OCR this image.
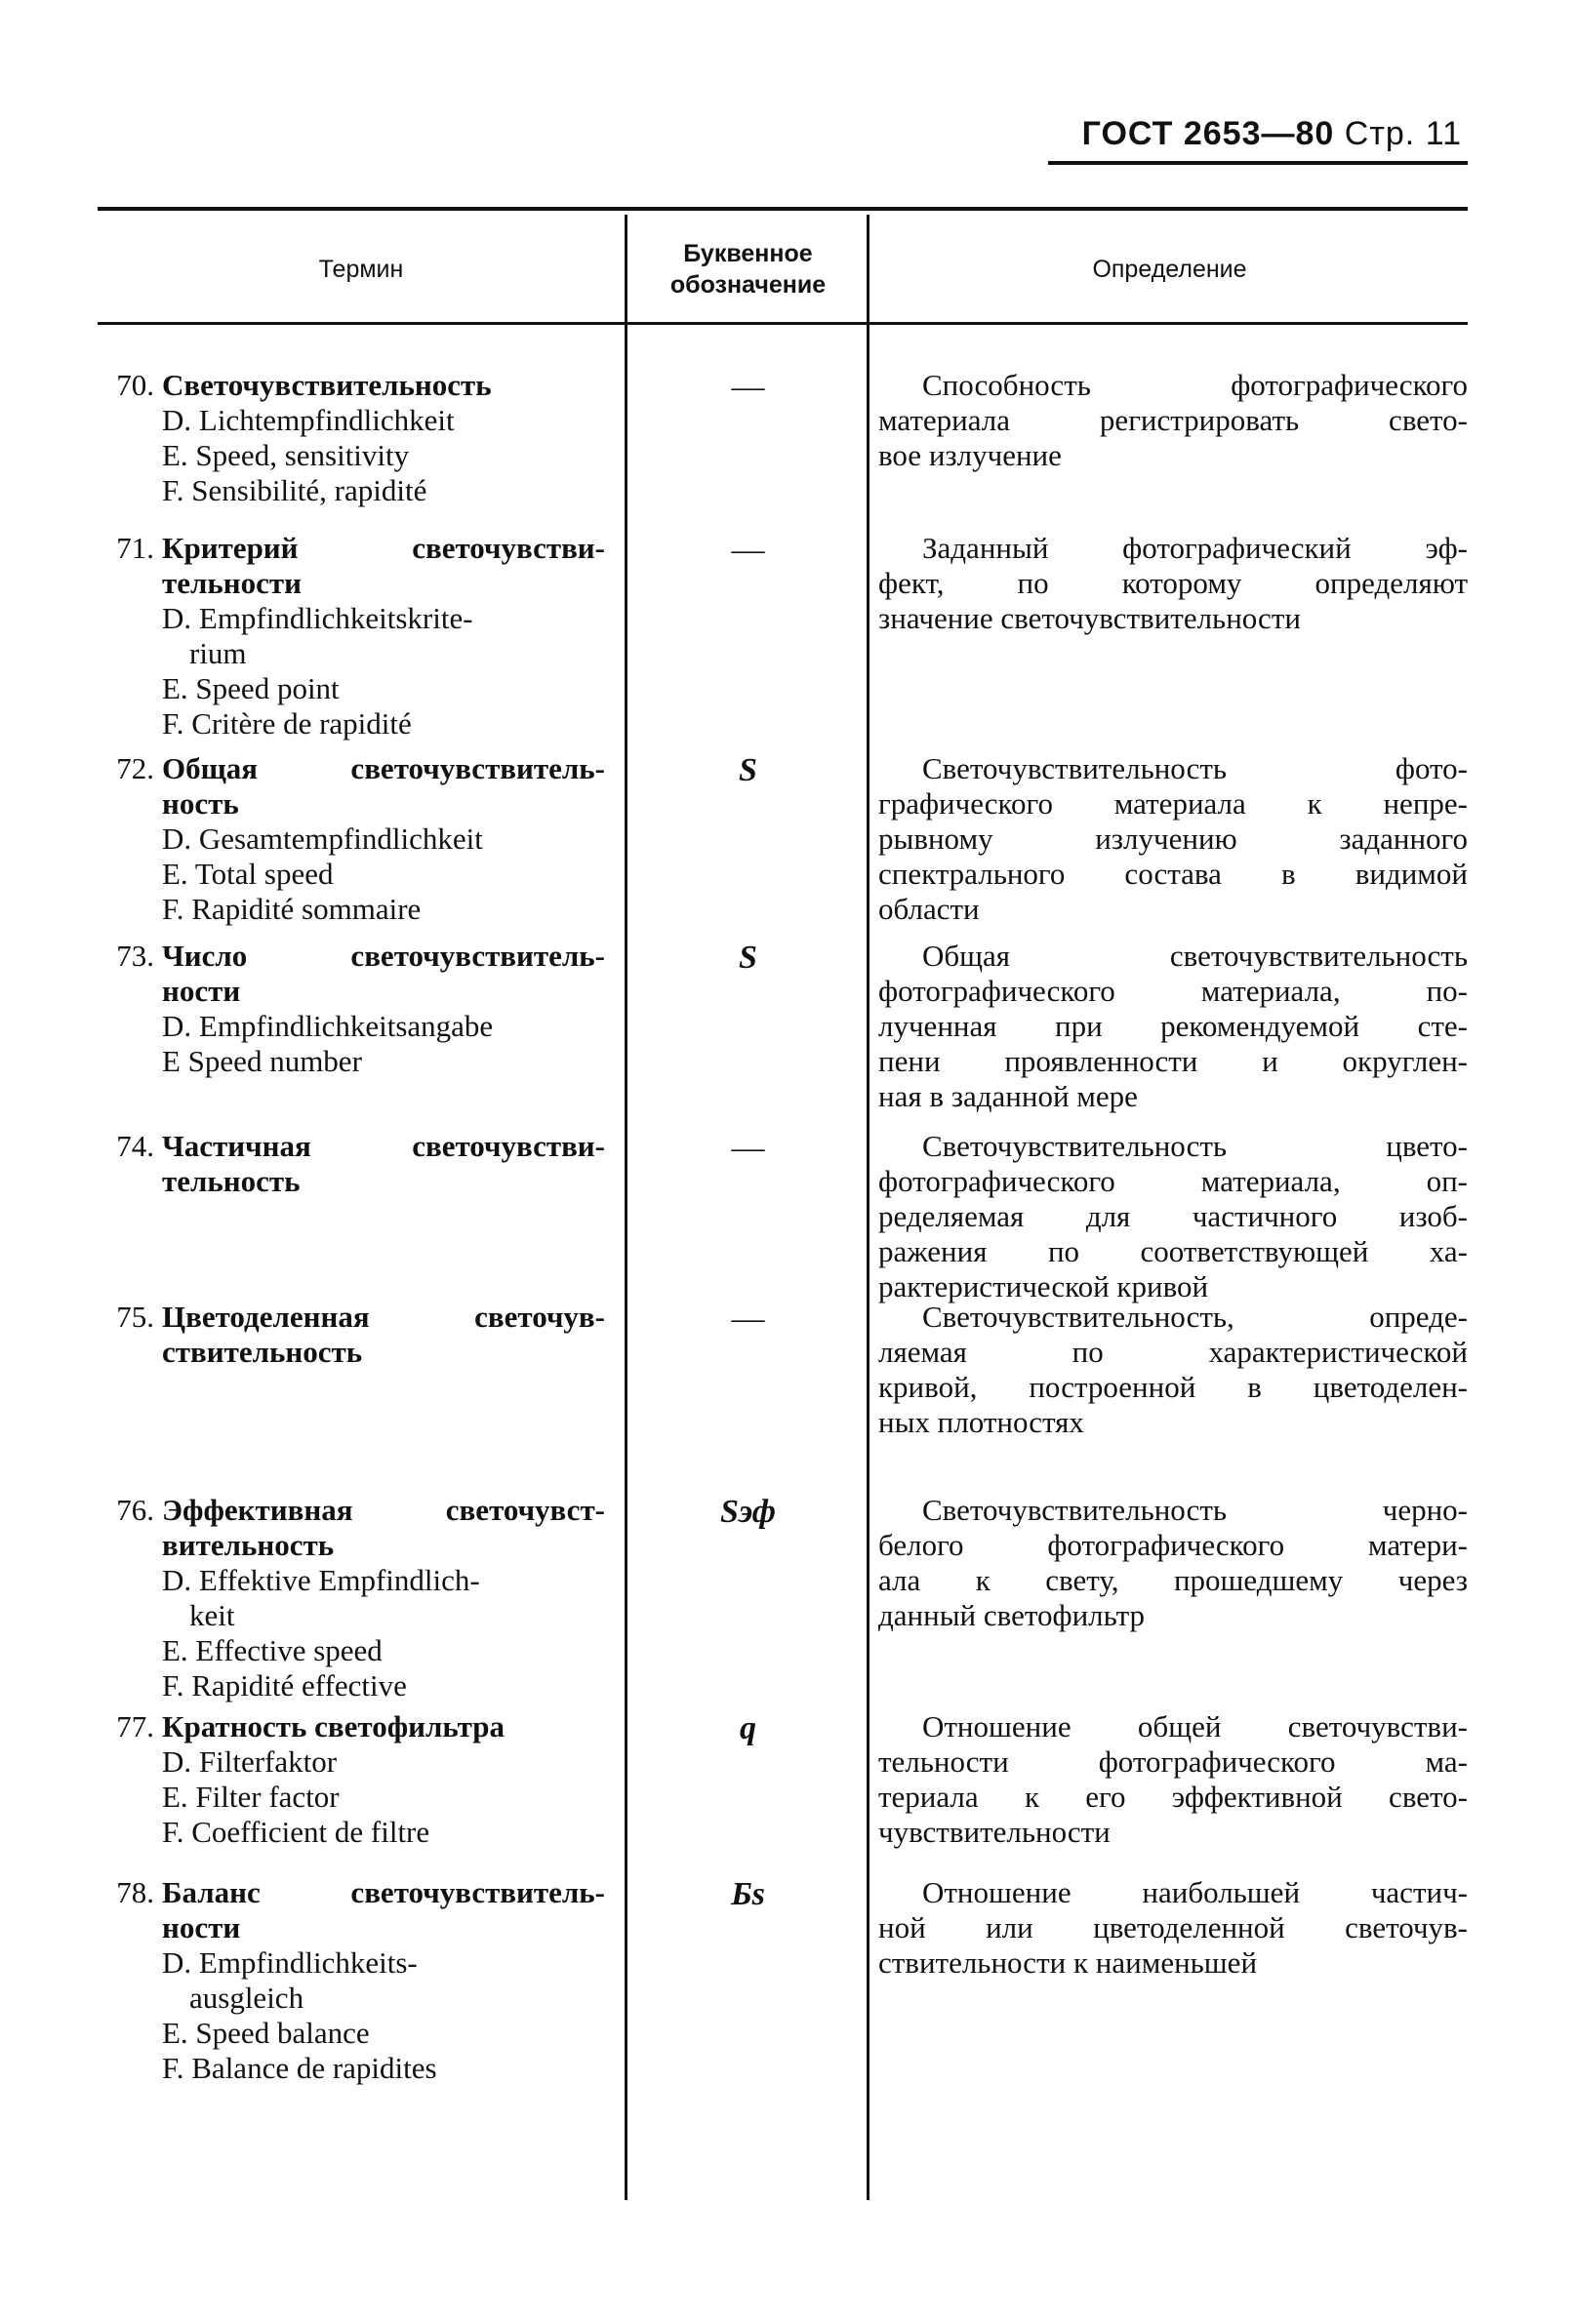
ГОСТ 2653—80 Стр. 11
Термин
Буквенное
обозначение
Определение
70. Светочувствительность
D. Lichtempfindlichkeit
E. Speed, sensitivity
F. Sensibilité, rapidité
—	Способность фотографического
материала регистрировать свето-
вое излучение
71. Критерий светочувстви-
тельности
D. Empfindlichkeitskrite-
rium
E. Speed point
F. Critère de rapidité
—	Заданный фотографический эф-
фект, по которому определяют
значение светочувствительности
72. Общая светочувствитель-
ность
D. Gesamtempfindlichkeit
E. Total speed
F. Rapidité sommaire
S	Светочувствительность фото-
графического материала к непре-
рывному излучению заданного
спектрального состава в видимой
области
73. Число светочувствитель-
ности
D. Empfindlichkeitsangabe
E Speed number
S	Общая светочувствительность
фотографического материала, по-
лученная при рекомендуемой сте-
пени проявленности и округлен-
ная в заданной мере
74. Частичная светочувстви-
тельность
—	Светочувствительность цвето-
фотографического материала, оп-
ределяемая для частичного изоб-
ражения по соответствующей ха-
рактеристической кривой
75. Цветоделенная светочув-
ствительность
—	Светочувствительность, опреде-
ляемая по характеристической
кривой, построенной в цветоделен-
ных плотностях
76. Эффективная светочувст-
вительность
D. Effektive Empfindlich-
keit
E. Effective speed
F. Rapidité effective
Sэф	Светочувствительность черно-
белого фотографического матери-
ала к свету, прошедшему через
данный светофильтр
77. Кратность светофильтра
D. Filterfaktor
E. Filter factor
F. Coefficient de filtre
q	Отношение общей светочувстви-
тельности фотографического ма-
териала к его эффективной свето-
чувствительности
78. Баланс светочувствитель-
ности
D. Empfindlichkeits-
ausgleich
E. Speed balance
F. Balance de rapidites
Бs	Отношение наибольшей частич-
ной или цветоделенной светочув-
ствительности к наименьшей
